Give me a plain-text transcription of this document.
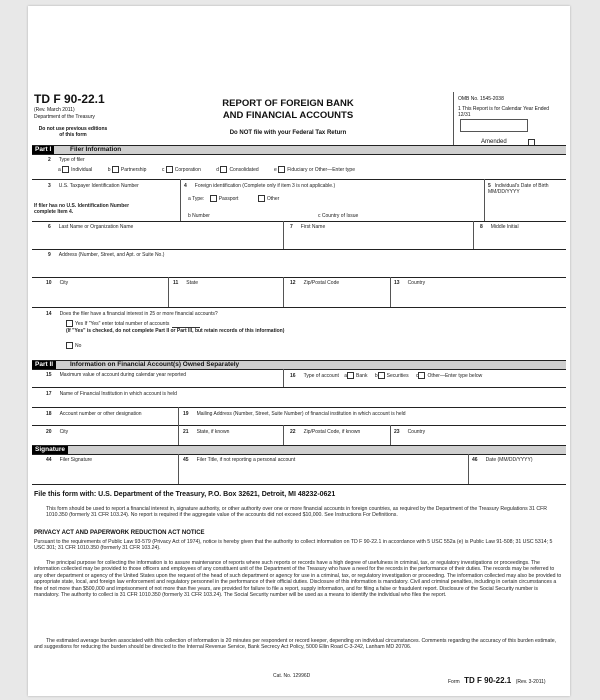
TD F 90-22.1
(Rev. March 2011)
Department of the Treasury
Do not use previous editions of this form
REPORT OF FOREIGN BANK
AND FINANCIAL ACCOUNTS
Do NOT file with your Federal Tax Return
OMB No. 1545-2038
1 This Report is for Calendar Year Ended 12/31
Amended
Part I	Filer Information
2 Type of filer
a Individual	b Partnership	c Corporation	d Consolidated	e Fiduciary or Other—Enter type
3 U.S. Taxpayer Identification Number
If filer has no U.S. Identification Number complete Item 4.
4 Foreign identification (Complete only if item 3 is not applicable.)
a Type:	Passport	Other
b Number	c Country of Issue
5 Individual's Date of Birth MM/DD/YYYY
6 Last Name or Organization Name	7 First Name	8 Middle Initial
9 Address (Number, Street, and Apt. or Suite No.)
10 City	11 State	12 Zip/Postal Code	13 Country
14 Does the filer have a financial interest in 25 or more financial accounts?
Yes If "Yes" enter total number of accounts
(If "Yes" is checked, do not complete Part II or Part III, but retain records of this information)
No
Part II	Information on Financial Account(s) Owned Separately
15 Maximum value of account during calendar year reported	16 Type of account a Bank b Securities c Other—Enter type below
17 Name of Financial Institution in which account is held
18 Account number or other designation	19 Mailing Address (Number, Street, Suite Number) of financial institution in which account is held
20 City	21 State, if known	22 Zip/Postal Code, if known	23 Country
Signature
44 Filer Signature	45 Filer Title, if not reporting a personal account	46 Date (MM/DD/YYYY)
File this form with: U.S. Department of the Treasury, P.O. Box 32621, Detroit, MI 48232-0621
This form should be used to report a financial interest in, signature authority, or other authority over one or more financial accounts in foreign countries, as required by the Department of the Treasury Regulations 31 CFR 1010.350 (formerly 31 CFR 103.24). No report is required if the aggregate value of the accounts did not exceed $10,000. See Instructions For Definitions.
PRIVACY ACT AND PAPERWORK REDUCTION ACT NOTICE
Pursuant to the requirements of Public Law 93-579 (Privacy Act of 1974), notice is hereby given that the authority to collect information on TD F 90-22.1 in accordance with 5 USC 552a (e) is Public Law 91-508; 31 USC 5314; 5 USC 301; 31 CFR 1010.350 (formerly 31 CFR 103.24).
The principal purpose for collecting the information is to assure maintenance of reports where such reports or records have a high degree of usefulness in criminal, tax, or regulatory investigations or proceedings. The information collected may be provided to those officers and employees of any constituent unit of the Department of the Treasury who have a need for the records in the performance of their duties. The records may be referred to any other department or agency of the United States upon the request of the head of such department or agency for use in a criminal, tax, or regulatory investigation or proceeding. The information collected may also be provided to appropriate state, local, and foreign law enforcement and regulatory personnel in the performance of their official duties. Disclosure of this information is mandatory. Civil and criminal penalties, including in certain circumstances a fine of not more than $500,000 and imprisonment of not more than five years, are provided for failure to file a report, supply information, and for filing a false or fraudulent report. Disclosure of the Social Security number is mandatory. The authority to collect is 31 CFR 1010.350 (formerly 31 CFR 103.24). The Social Security number will be used as a means to identify the individual who files the report.
The estimated average burden associated with this collection of information is 20 minutes per respondent or record keeper, depending on individual circumstances. Comments regarding the accuracy of this burden estimate, and suggestions for reducing the burden should be directed to the Internal Revenue Service, Bank Secrecy Act Policy, 5000 Ellin Road C-3-242, Lanham MD 20706.
Cat. No. 12996D
Form TD F 90-22.1 (Rev. 3-2011)
